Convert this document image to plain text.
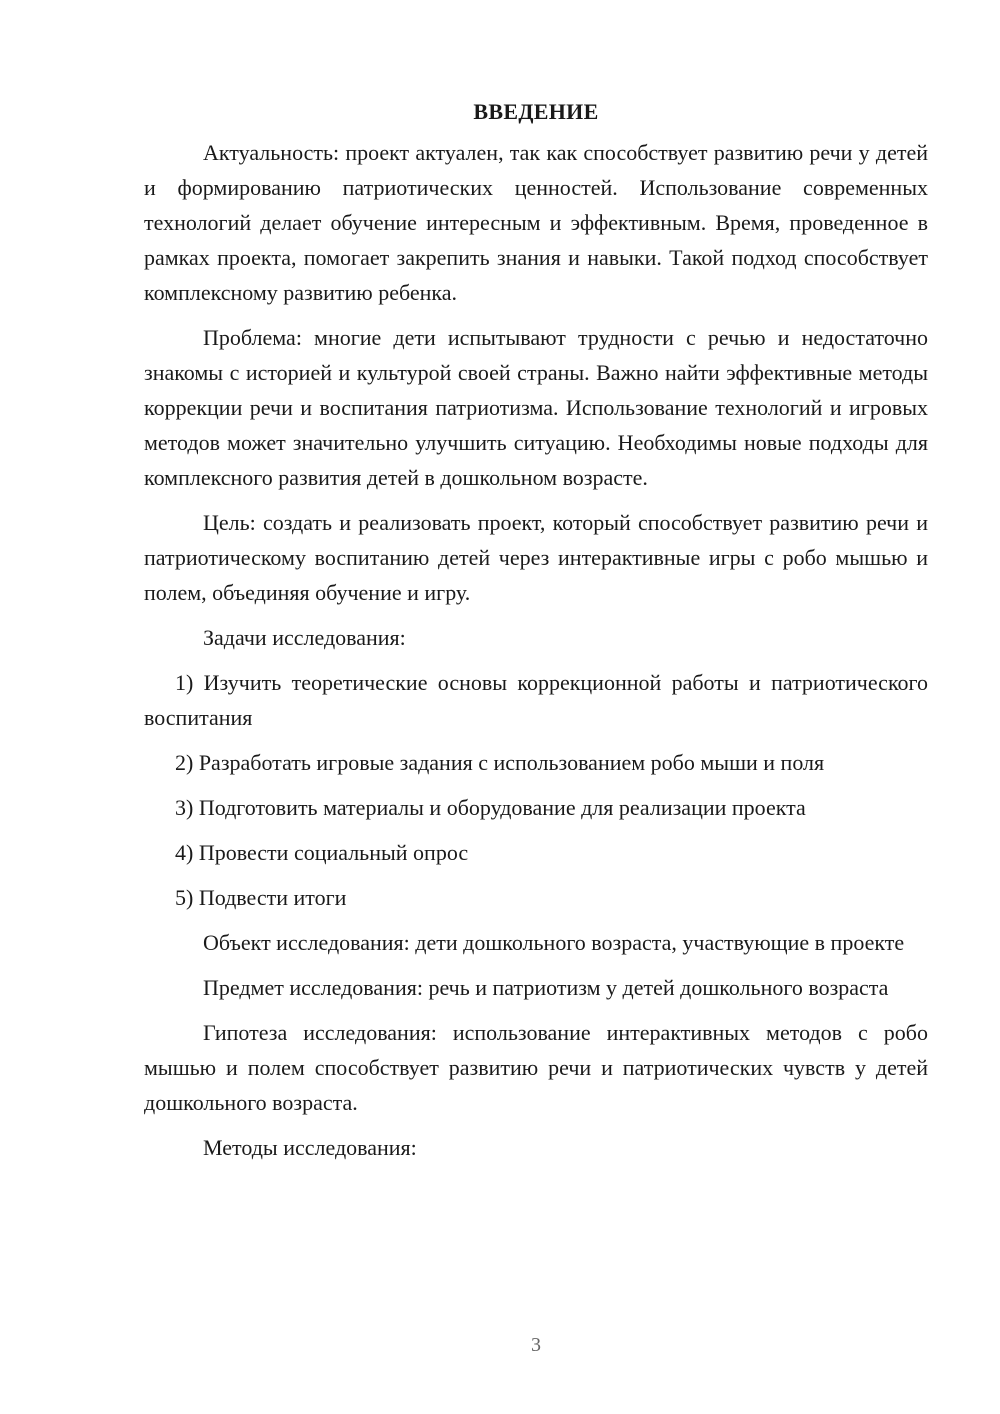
ВВЕДЕНИЕ

Актуальность: проект актуален, так как способствует развитию речи у детей и формированию патриотических ценностей. Использование современных технологий делает обучение интересным и эффективным. Время, проведенное в рамках проекта, помогает закрепить знания и навыки. Такой подход способствует комплексному развитию ребенка.

Проблема: многие дети испытывают трудности с речью и недостаточно знакомы с историей и культурой своей страны. Важно найти эффективные методы коррекции речи и воспитания патриотизма. Использование технологий и игровых методов может значительно улучшить ситуацию. Необходимы новые подходы для комплексного развития детей в дошкольном возрасте.

Цель: создать и реализовать проект, который способствует развитию речи и патриотическому воспитанию детей через интерактивные игры с робо мышью и полем, объединяя обучение и игру.

Задачи исследования:

1) Изучить теоретические основы коррекционной работы и патриотического воспитания
2) Разработать игровые задания с использованием робо мыши и поля
3) Подготовить материалы и оборудование для реализации проекта
4) Провести социальный опрос
5) Подвести итоги

Объект исследования: дети дошкольного возраста, участвующие в проекте

Предмет исследования: речь и патриотизм у детей дошкольного возраста

Гипотеза исследования: использование интерактивных методов с робо мышью и полем способствует развитию речи и патриотических чувств у детей дошкольного возраста.

Методы исследования:

3
